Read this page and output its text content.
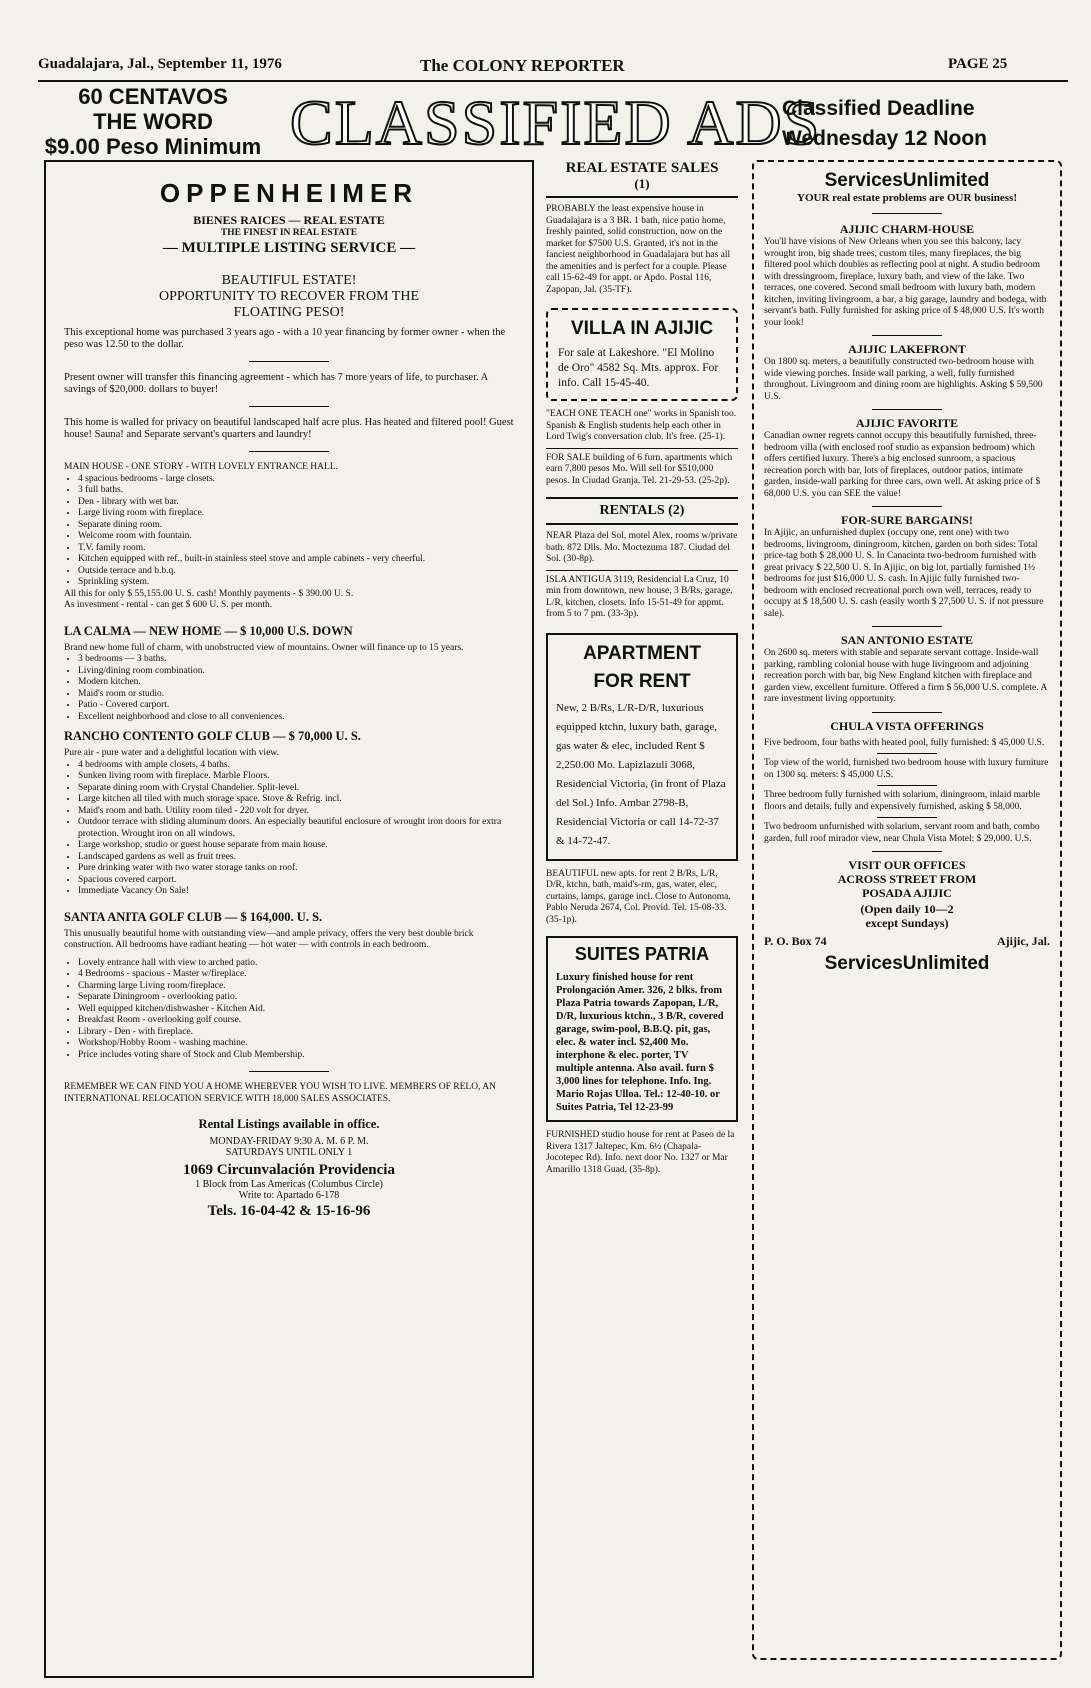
Guadalajara, Jal., September 11, 1976	The COLONY REPORTER	PAGE 25
60 CENTAVOS
THE WORD
$9.00 Peso Minimum CLASSIFIED ADS
Classified Deadline
Wednesday 12 Noon
OPPENHEIMER
BIENES RAICES — REAL ESTATE
THE FINEST IN REAL ESTATE
— MULTIPLE LISTING SERVICE —
BEAUTIFUL ESTATE!
OPPORTUNITY TO RECOVER FROM THE
FLOATING PESO!

This exceptional home was purchased 3 years ago - with a 10 year financing by former owner - when the peso was 12.50 to the dollar.

Present owner will transfer this financing agreement - which has 7 more years of life, to purchaser. A savings of $20,000. dollars to buyer!

This home is walled for privacy on beautiful landscaped half acre plus. Has heated and filtered pool! Guest house! Sauna! and Separate servant's quarters and laundry!

MAIN HOUSE - ONE STORY - WITH LOVELY ENTRANCE HALL.

• 4 spacious bedrooms - large closets.
• 3 full baths.
• Den - library with wet bar.
• Large living room with fireplace.
• Separate dining room.
• Welcome room with fountain.
• T.V. family room.
• Kitchen equipped with ref., built-in stainless steel stove and ample cabinets - very cheerful.
• Outside terrace and b.b.q.
• Sprinkling system.

All this for only $ 55,155.00 U. S. cash! Monthly payments - $ 390.00 U. S.

As investment - rental - can get $ 600 U. S. per month.

LA CALMA — NEW HOME — $ 10,000 U.S. DOWN

Brand new home full of charm, with unobstructed view of mountains. Owner will finance up to 15 years.

• 3 bedrooms — 3 baths.
• Living/dining room combination.
• Modern kitchen.
• Maid's room or studio.
• Patio - Covered carport.
• Excellent neighborhood and close to all conveniences.
RANCHO CONTENTO GOLF CLUB — $ 70,000 U. S.

Pure air - pure water and a delightful location with view.

• 4 bedrooms with ample closets, 4 baths.
• Sunken living room with fireplace. Marble Floors.
• Separate dining room with Crystal Chandelier. Split-level.
• Large kitchen all tiled with much storage space. Stove & Refrig. incl.
• Maid's room and bath. Utility room tiled - 220 volt for dryer.
• Outdoor terrace with sliding aluminum doors. An especially beautiful enclosure of wrought iron doors for extra protection. Wrought iron on all windows.
• Large workshop, studio or guest house separate from main house.
• Landscaped gardens as well as fruit trees.
• Pure drinking water with two water storage tanks on roof.
• Spacious covered carport.
• Immediate Vacancy On Sale!
SANTA ANITA GOLF CLUB — $ 164,000. U. S.

This unusually beautiful home with outstanding view—and ample privacy, offers the very best double brick construction. All bedrooms have radiant heating — hot water — with controls in each bedroom.

• Lovely entrance hall with view to arched patio.
• 4 Bedrooms - spacious - Master w/fireplace.
• Charming large Living room/fireplace.
• Separate Diningroom - overlooking patio.
• Well equipped kitchen/dishwasher - Kitchen Aid.
• Breakfast Room - overlooking golf course.
• Library - Den - with fireplace.
• Workshop/Hobby Room - washing machine.
• Price includes voting share of Stock and Club Membership.

REMEMBER WE CAN FIND YOU A HOME WHEREVER YOU WISH TO LIVE. MEMBERS OF RELO, AN INTERNATIONAL RELOCATION SERVICE WITH 18,000 SALES ASSOCIATES.

Rental Listings available in office.
MONDAY-FRIDAY 9:30 A. M. 6 P. M.
SATURDAYS UNTIL ONLY 1
1069 Circunvalación Providencia
1 Block from Las Americas (Columbus Circle)
Write to: Apartado 6-178
Tels. 16-04-42 & 15-16-96
REAL ESTATE SALES
(1)

PROBABLY the least expensive house in Guadalajara is a 3 BR. 1 bath, nice patio home, freshly painted, solid construction, now on the market for $7500 U.S. Granted, it's not in the fanciest neighborhood in Guadalajara but has all the amenities and is perfect for a couple. Please call 15-62-49 for appt. or Apdo. Postal 116, Zapopan, Jal. (35-TF).

VILLA IN AJIJIC

For sale at Lakeshore. "El Molino de Oro" 4582 Sq. Mts. approx. For info. Call 15-45-40.

"EACH ONE TEACH one" works in Spanish too. Spanish & English students help each other in Lord Twig's conversation club. It's free. (25-1).

FOR SALE building of 6 furn. apartments which earn 7,800 pesos Mo. Will sell for $510,000 pesos. In Ciudad Granja. Tel. 21-29-53. (25-2p).

RENTALS (2)

NEAR Plaza del Sol, motel Alex, rooms w/private bath. 872 Dlls. Mo. Moctezuma 187. Ciudad del Sol. (30-8p).

ISLA ANTIGUA 3119, Residencial La Cruz, 10 min from downtown, new house, 3 B/Rs, garage, L/R, kitchen, closets. Info 15-51-49 for appmt. from 5 to 7 pm. (33-3p).

APARTMENT
FOR RENT

New, 2 B/Rs, L/R-D/R, luxurious equipped ktchn, luxury bath, garage, gas water & elec, included Rent $ 2,250.00 Mo. Lapizlazuli 3068, Residencial Victoria, (in front of Plaza del Sol.) Info. Ambar 2798-B, Residencial Victoria or call 14-72-37 & 14-72-47.

BEAUTIFUL new apts. for rent 2 B/Rs, L/R, D/R, ktchn, bath, maid's-rm, gas, water, elec, curtains, lamps, garage incl. Close to Autonoma. Pablo Neruda 2674, Col. Provid. Tel. 15-08-33. (35-1p).

SUITES PATRIA

Luxury finished house for rent Prolongación Amer. 326, 2 blks. from Plaza Patria towards Zapopan, L/R, D/R, luxurious ktchn., 3 B/R, covered garage, swim-pool, B.B.Q. pit, gas, elec. & water incl. $2,400 Mo. interphone & elec. porter, TV multiple antenna. Also avail. furn $ 3,000 lines for telephone. Info. Ing. Mario Rojas Ulloa. Tel.: 12-40-10. or Suites Patria, Tel 12-23-99

FURNISHED studio house for rent at Paseo de la Rivera 1317 Jaltepec, Km. 6½ (Chapala-Jocotepec Rd). Info. next door No. 1327 or Mar Amarillo 1318 Guad. (35-8p).

ServicesUnlimited
YOUR real estate problems are OUR business!
AJIJIC CHARM-HOUSE

You'll have visions of New Orleans when you see this balcony, lacy wrought iron, big shade trees, custom tiles, many fireplaces, the big filtered pool which doubles as reflecting pool at night. A studio bedroom with dressingroom, fireplace, luxury bath, and view of the lake. Two terraces, one covered. Second small bedroom with luxury bath, modern kitchen, inviting livingroom, a bar, a big garage, laundry and bodega, with servant's bath. Fully furnished for asking price of $ 48,000 U.S. It's worth your look!

AJIJIC LAKEFRONT

On 1800 sq. meters, a beautifully constructed two-bedroom house with wide viewing porches. Inside wall parking, a well, fully furnished throughout. Livingroom and dining room are highlights. Asking $ 59,500 U.S.

AJIJIC FAVORITE

Canadian owner regrets cannot occupy this beautifully furnished, three-bedroom villa (with enclosed roof studio as expansion bedroom) which offers certified luxury. There's a big enclosed sunroom, a spacious recreation porch with bar, lots of fireplaces, outdoor patios, intimate garden, inside-wall parking for three cars, own well. At asking price of $ 68,000 U.S. you can SEE the value!

FOR-SURE BARGAINS!

In Ajijic, an unfurnished duplex (occupy one, rent one) with two bedrooms, livingroom, diningroom, kitchen, garden on both sides: Total price-tag both $ 28,000 U. S. In Canacinta two-bedroom furnished with great privacy $ 22,500 U. S. In Ajijic, on big lot, partially furnished 1½ bedrooms for just $16,000 U. S. cash. In Ajijic fully furnished two-bedroom with enclosed recreational porch own well, terraces, ready to occupy at $ 18,500 U. S. cash (easily worth $ 27,500 U. S. if not pressure sale).

SAN ANTONIO ESTATE

On 2600 sq. meters with stable and separate servant cottage. Inside-wall parking, rambling colonial house with huge livingroom and adjoining recreation porch with bar, big New England kitchen with fireplace and garden view, excellent furniture. Offered a firm $ 56,000 U.S. complete. A rare investment living opportunity.

CHULA VISTA OFFERINGS

Five bedroom, four baths with heated pool, fully furnished: $ 45,000 U.S.

Top view of the world, furnished two bedroom house with luxury furniture on 1300 sq. meters: $ 45,000 U.S.

Three bedroom fully furnished with solarium, diningroom, inlaid marble floors and details, fully and expensively furnished, asking $ 58,000.

Two bedroom unfurnished with solarium, servant room and bath, combo garden, full roof mirador view, near Chula Vista Motel: $ 29,000. U.S.

VISIT OUR OFFICES
ACROSS STREET FROM
POSADA AJIJIC
(Open daily 10—2
except Sundays)
P. O. Box 74	Ajijic, Jal.
ServicesUnlimited
